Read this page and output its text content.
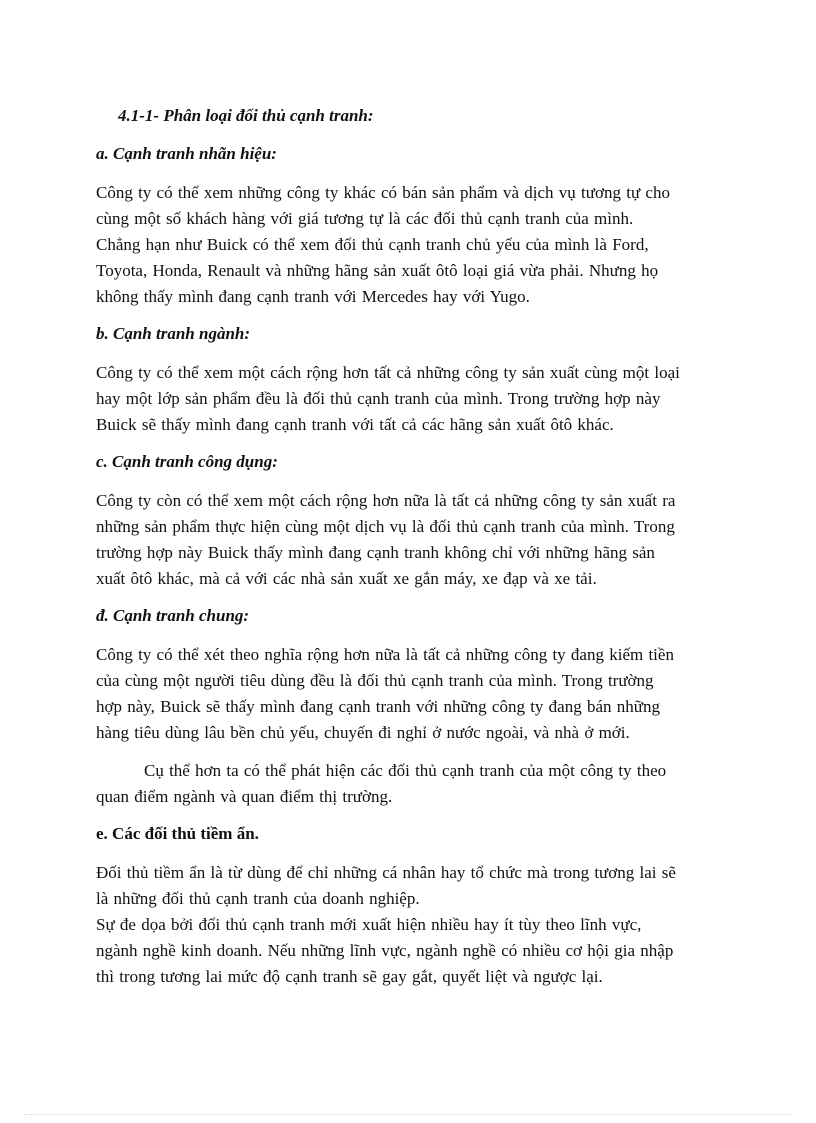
4.1-1- Phân loại đối thủ cạnh tranh:

a. Cạnh tranh nhãn hiệu:

Công ty có thể xem những công ty khác có bán sản phẩm và dịch vụ tương tự cho
cùng một số khách hàng với giá tương tự là các đối thủ cạnh tranh của mình.
Chẳng hạn như Buick có thể xem đối thủ cạnh tranh chủ yếu của mình là Ford,
Toyota, Honda, Renault và những hãng sản xuất ôtô loại giá vừa phải. Nhưng họ
không thấy mình đang cạnh tranh với Mercedes hay với Yugo.

b. Cạnh tranh ngành:

Công ty có thể xem một cách rộng hơn tất cả những công ty sản xuất cùng một loại
hay một lớp sản phẩm đều là đối thủ cạnh tranh của mình. Trong trường hợp này
Buick sẽ thấy mình đang cạnh tranh với tất cả các hãng sản xuất ôtô khác.

c. Cạnh tranh công dụng:

Công ty còn có thể xem một cách rộng hơn nữa là tất cả những công ty sản xuất ra
những sản phẩm thực hiện cùng một dịch vụ là đối thủ cạnh tranh của mình. Trong
trường hợp này Buick thấy mình đang cạnh tranh không chỉ với những hãng sản
xuất ôtô khác, mà cả với các nhà sản xuất xe gắn máy, xe đạp và xe tải.

đ. Cạnh tranh chung:

Công ty có thể xét theo nghĩa rộng hơn nữa là tất cả những công ty đang kiếm tiền
của cùng một người tiêu dùng đều là đối thủ cạnh tranh của mình. Trong trường
hợp này, Buick sẽ thấy mình đang cạnh tranh với những công ty đang bán những
hàng tiêu dùng lâu bền chủ yếu, chuyến đi nghỉ ở nước ngoài, và nhà ở mới.

Cụ thể hơn ta có thể phát hiện các đối thủ cạnh tranh của một công ty theo
quan điểm ngành và quan điểm thị trường.

e. Các đối thủ tiềm ẩn.

Đối thủ tiềm ẩn là từ dùng để chỉ những cá nhân hay tổ chức mà trong tương lai sẽ
là những đối thủ cạnh tranh của doanh nghiệp.
Sự đe dọa bởi đối thủ cạnh tranh mới xuất hiện nhiều hay ít tùy theo lĩnh vực,
ngành nghề kinh doanh. Nếu những lĩnh vực, ngành nghề có nhiều cơ hội gia nhập
thì trong tương lai mức độ cạnh tranh sẽ gay gắt, quyết liệt và ngược lại.
